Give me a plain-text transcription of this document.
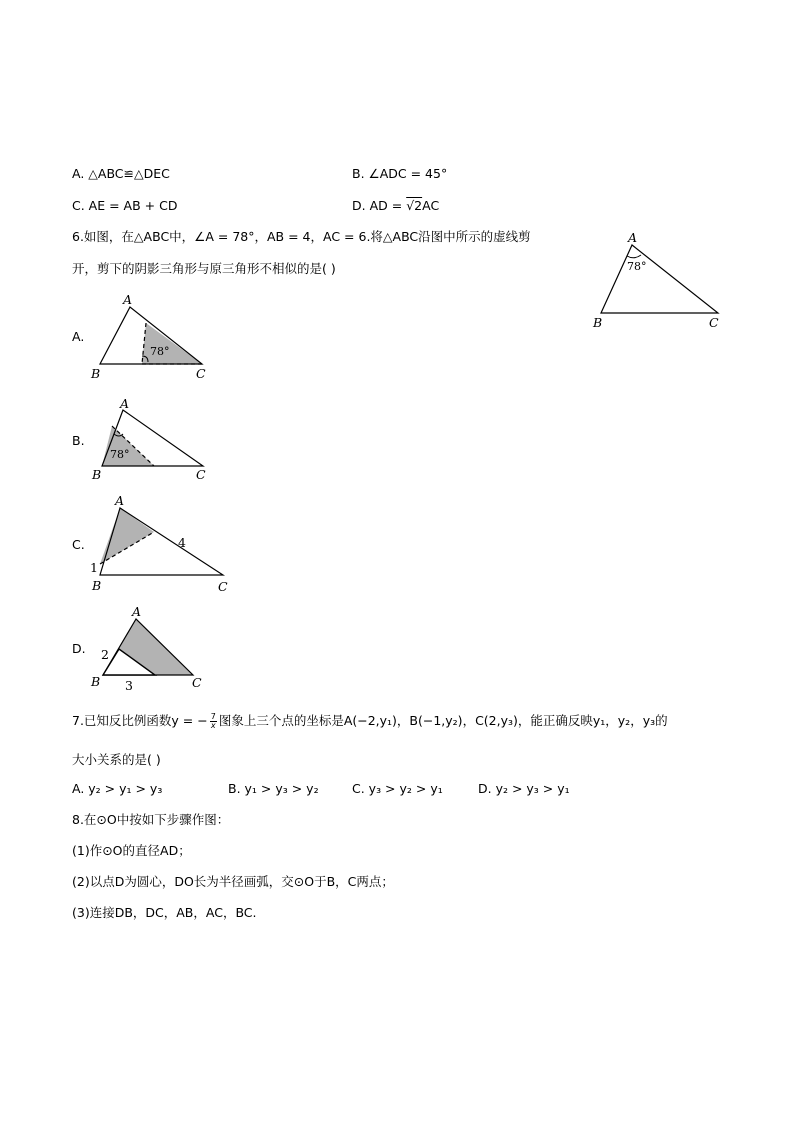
A. △ABC≌△DEC	B. ∠ADC = 45°
C. AE = AB + CD	D. AD = √2AC
6.如图，在△ABC中，∠A = 78°，AB = 4，AC = 6.将△ABC沿图中所示的虚线剪
开，剪下的阴影三角形与原三角形不相似的是( )
A
B	C
78°
A.
A
B	C
78°
B.
A
B	C
78°
C.
A
B	C
1
4
D.
A
B	C
2
3
7.已知反比例函数y = − $\frac{7}{x}$ 图象上三个点的坐标是A(−2,y₁)，B(−1,y₂)，C(2,y₃)，能正确反映y₁，y₂，y₃的
大小关系的是( )
A. y₂ > y₁ > y₃	B. y₁ > y₃ > y₂	C. y₃ > y₂ > y₁	D. y₂ > y₃ > y₁
8.在⊙O中按如下步骤作图：
(1)作⊙O的直径AD；
(2)以点D为圆心，DO长为半径画弧，交⊙O于B，C两点；
(3)连接DB，DC，AB，AC，BC.
